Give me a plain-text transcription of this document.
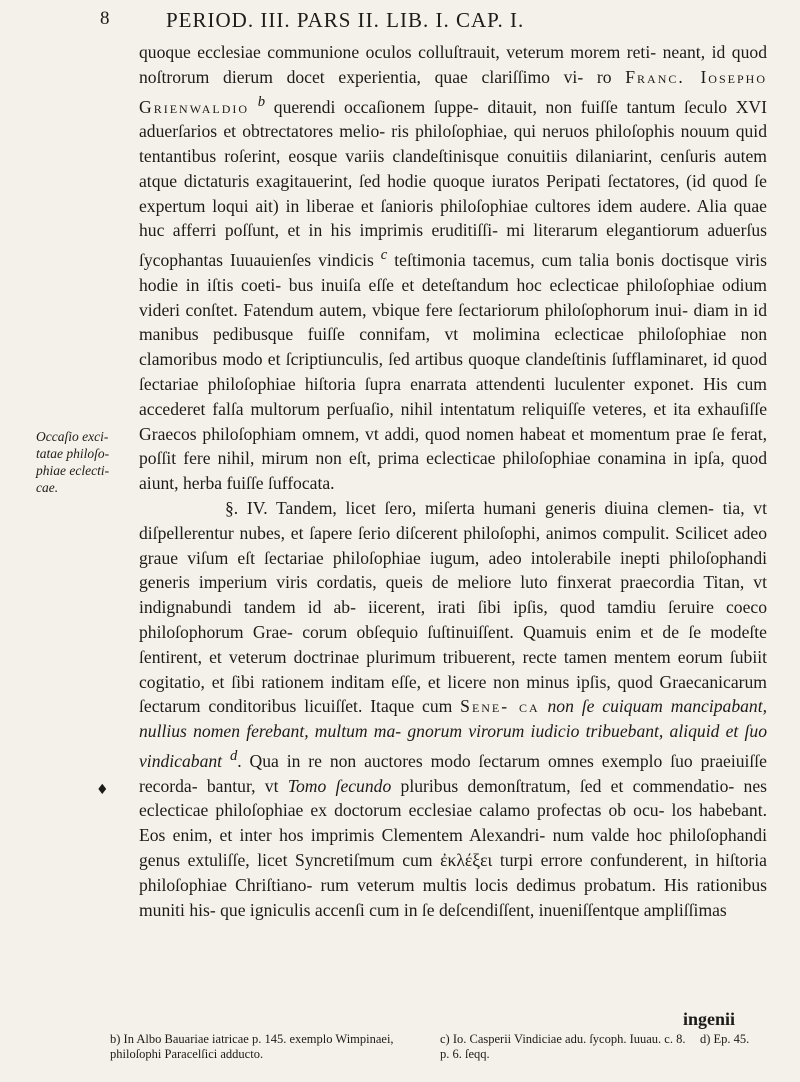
8	PERIOD. III. PARS II. LIB. I. CAP. I.

quoque ecclesiae communione oculos colluſtrauit, veterum morem reti- neant, id quod noſtrorum dierum docet experientia, quae clariſſimo vi- ro Franc. Iosepho Grienwaldio $^b$ querendi occaſionem ſuppe- ditauit, non fuiſſe tantum ſeculo XVI aduerſarios et obtrectatores melio- ris philoſophiae, qui neruos philoſophis nouum quid tentantibus roſerint, eosque variis clandeſtinisque conuitiis dilaniarint, cenſuris autem atque dictaturis exagitauerint, ſed hodie quoque iuratos Peripati ſectatores, (id quod ſe expertum loqui ait) in liberae et ſanioris philoſophiae cultores idem audere. Alia quae huc afferri poſſunt, et in his imprimis eruditiſſi- mi literarum elegantiorum aduerſus ſycophantas Iuuauienſes vindicis $^c$ teſtimonia tacemus, cum talia bonis doctisque viris hodie in iſtis coeti- bus inuiſa eſſe et deteſtandum hoc eclecticae philoſophiae odium videri conſtet. Fatendum autem, vbique fere ſectariorum philoſophorum inui- diam in id manibus pedibusque fuiſſe connifam, vt molimina eclecticae philoſophiae non clamoribus modo et ſcriptiunculis, ſed artibus quoque clandeſtinis ſufflaminaret, id quod ſectariae philoſophiae hiſtoria ſupra enarrata attendenti luculenter exponet. His cum accederet falſa multorum perſuaſio, nihil intentatum reliquiſſe veteres, et ita exhauſiſſe Graecos philoſophiam omnem, vt addi, quod nomen habeat et momentum prae ſe ferat, poſſit fere nihil, mirum non eſt, prima eclecticae philoſophiae conamina in ipſa, quod aiunt, herba fuiſſe ſuffocata.

§. IV. Tandem, licet ſero, miſerta humani generis diuina clemen- tia, vt diſpellerentur nubes, et ſapere ſerio diſcerent philoſophi, animos compulit. Scilicet adeo graue viſum eſt ſectariae philoſophiae iugum, adeo intolerabile inepti philoſophandi generis imperium viris cordatis, queis de meliore luto finxerat praecordia Titan, vt indignabundi tandem id ab- iicerent, irati ſibi ipſis, quod tamdiu ſeruire coeco philoſophorum Grae- corum obſequio ſuſtinuiſſent. Quamuis enim et de ſe modeſte ſentirent, et veterum doctrinae plurimum tribuerent, recte tamen mentem eorum ſubiit cogitatio, et ſibi rationem inditam eſſe, et licere non minus ipſis, quod Graecanicarum ſectarum conditoribus licuiſſet. Itaque cum Sene- ca non ſe cuiquam mancipabant, nullius nomen ferebant, multum ma- gnorum virorum iudicio tribuebant, aliquid et ſuo vindicabant $^d$. Qua in re non auctores modo ſectarum omnes exemplo ſuo praeiuiſſe recorda- bantur, vt Tomo ſecundo pluribus demonſtratum, ſed et commendatio- nes eclecticae philoſophiae ex doctorum ecclesiae calamo profectas ob ocu- los habebant. Eos enim, et inter hos imprimis Clementem Alexandri- num valde hoc philoſophandi genus extuliſſe, licet Syncretiſmum cum ἐκλέξει turpi errore confunderent, in hiſtoria philoſophiae Chriſtiano- rum veterum multis locis dedimus probatum. His rationibus muniti his- que igniculis accenſi cum in ſe deſcendiſſent, inueniſſentque ampliſſimas

Occaſio exci- tatae philoſo- phiae eclecti- cae.
♦
ingenii
b) In Albo Bauariae iatricae p. 145. exemplo Wimpinaei, philoſophi Paracelſici adducto.
c) Io. Casperii Vindiciae adu. ſycoph. Iuuau. c. 8. p. 6. ſeqq.
d) Ep. 45.
